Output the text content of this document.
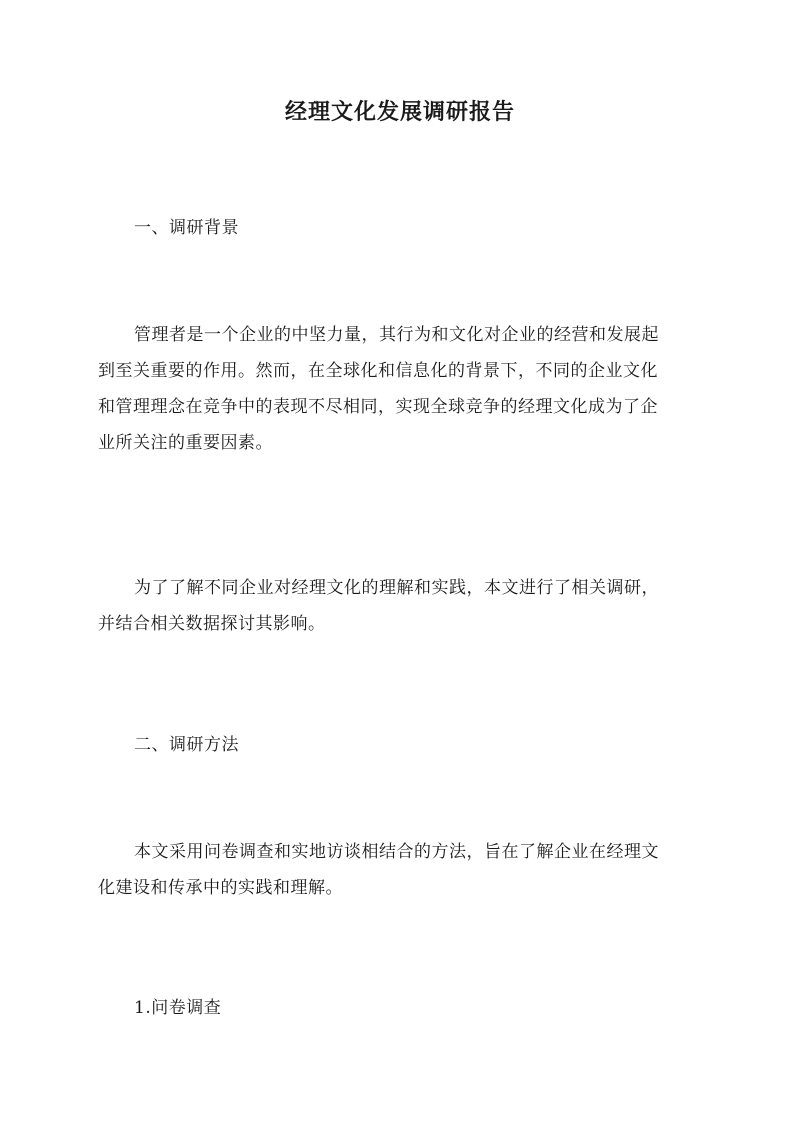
经理文化发展调研报告
一、调研背景
管理者是一个企业的中坚力量，其行为和文化对企业的经营和发展起
到至关重要的作用。然而，在全球化和信息化的背景下，不同的企业文化
和管理理念在竞争中的表现不尽相同，实现全球竞争的经理文化成为了企
业所关注的重要因素。
为了了解不同企业对经理文化的理解和实践，本文进行了相关调研，
并结合相关数据探讨其影响。
二、调研方法
本文采用问卷调查和实地访谈相结合的方法，旨在了解企业在经理文
化建设和传承中的实践和理解。
1.问卷调查
